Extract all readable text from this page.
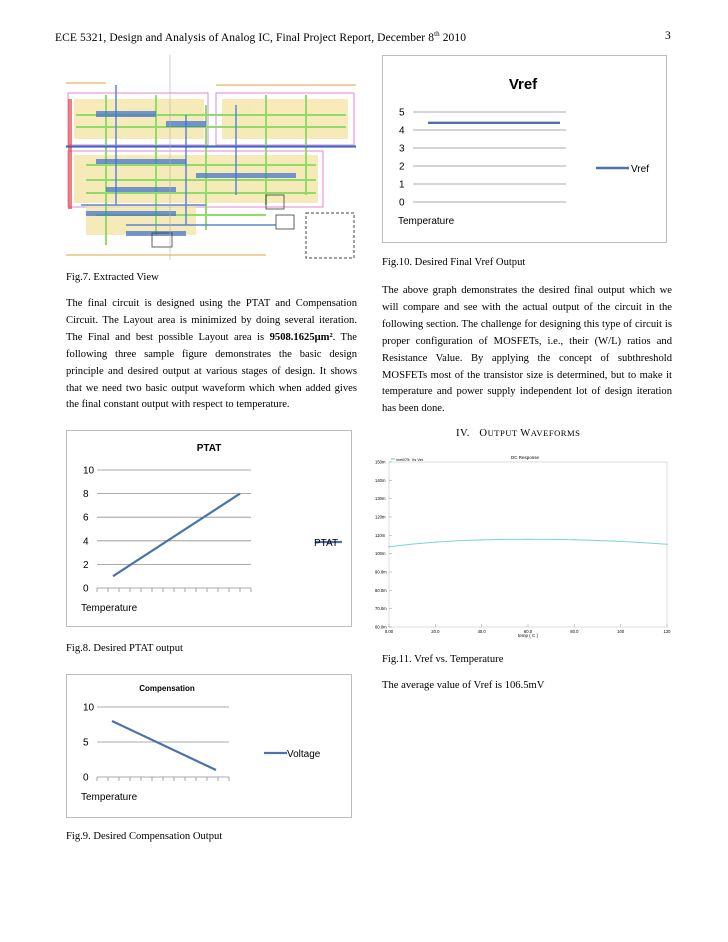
ECE 5321, Design and Analysis of Analog IC, Final Project Report, December 8th 2010	3
Fig.7. Extracted View
The final circuit is designed using the PTAT and Compensation Circuit. The Layout area is minimized by doing several iteration. The Final and best possible Layout area is 9508.1625μm². The following three sample figure demonstrates the basic design principle and desired output at various stages of design. It shows that we need two basic output waveform which when added gives the final constant output with respect to temperature.
PTAT
0
2
4
6
8
10
PTAT
Temperature
Fig.8. Desired PTAT output
Compensation
0
5
10
Voltage
Temperature
Fig.9. Desired Compensation Output
Vref
0
1
2
3
4
5
Vref
Temperature
Fig.10. Desired Final Vref Output
The above graph demonstrates the desired final output which we will compare and see with the actual output of the circuit in the following section. The challenge for designing this type of circuit is proper configuration of MOSFETs, i.e., their (W/L) ratios and Resistance Value. By applying the concept of subthreshold MOSFETs most of the transistor size is determined, but to make it temperature and power supply independent lot of design iteration has been done.
IV. OUTPUT WAVEFORMS
DC Response
/net075: Vs Vel
60.0m
70.0m
80.0m
90.0m
100m
110m
120m
130m
140m
150m
0.00	20.0	40.0	60.0	80.0	100	120
temp ( C )
Fig.11. Vref vs. Temperature
The average value of Vref is 106.5mV
